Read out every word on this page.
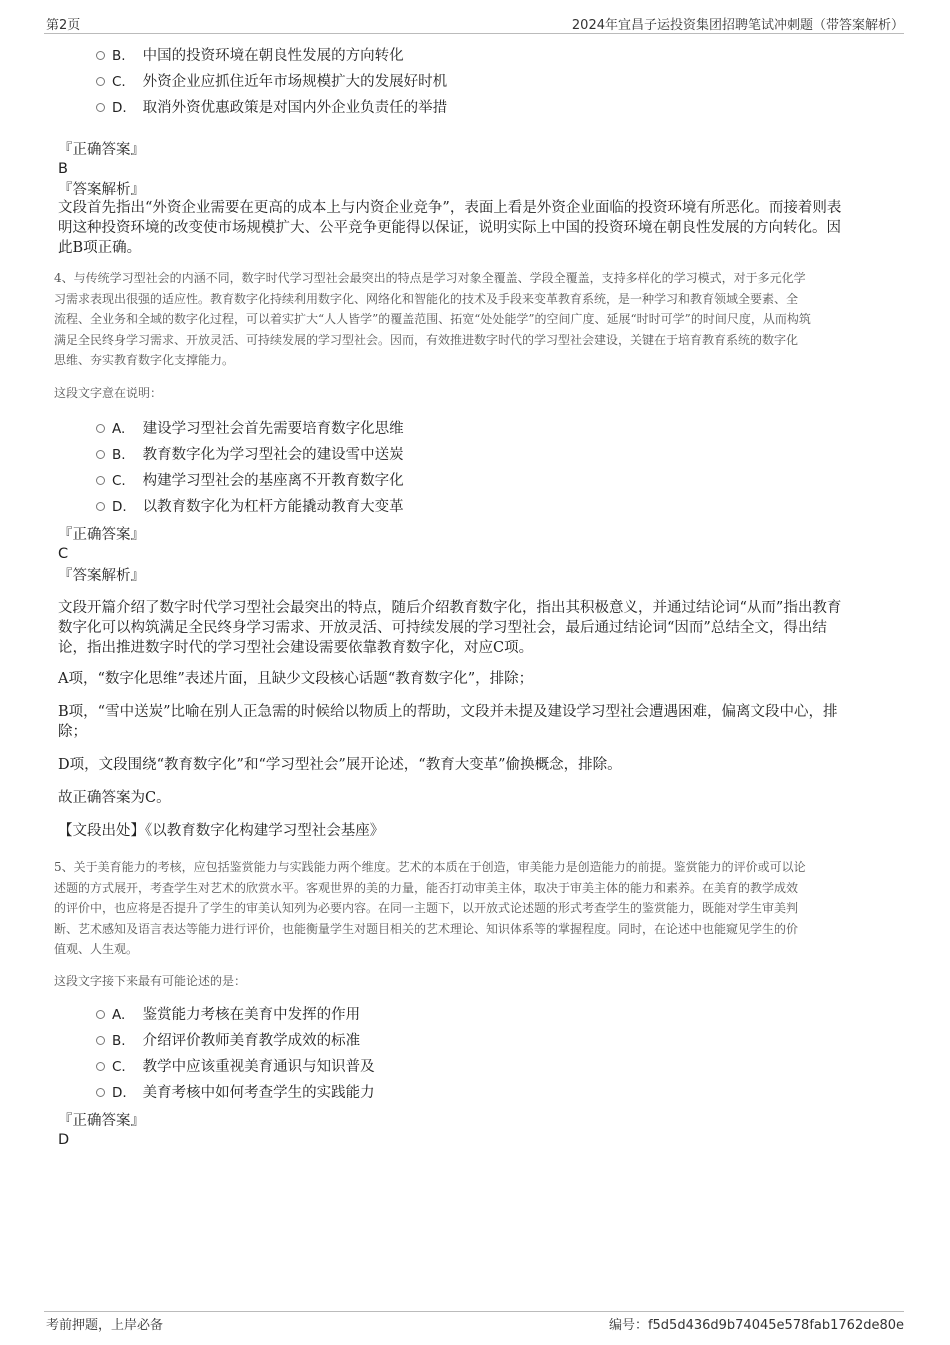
第2页	2024年宜昌子运投资集团招聘笔试冲刺题（带答案解析）
B. 中国的投资环境在朝良性发展的方向转化
C. 外资企业应抓住近年市场规模扩大的发展好时机
D. 取消外资优惠政策是对国内外企业负责任的举措
『正确答案』
B
『答案解析』
文段首先指出“外资企业需要在更高的成本上与内资企业竞争”，表面上看是外资企业面临的投资环境有所恶化。而接着则表
明这种投资环境的改变使市场规模扩大、公平竞争更能得以保证，说明实际上中国的投资环境在朝良性发展的方向转化。因
此B项正确。
4、与传统学习型社会的内涵不同，数字时代学习型社会最突出的特点是学习对象全覆盖、学段全覆盖，支持多样化的学习模式，对于多元化学
习需求表现出很强的适应性。教育数字化持续利用数字化、网络化和智能化的技术及手段来变革教育系统，是一种学习和教育领域全要素、全
流程、全业务和全域的数字化过程，可以着实扩大“人人皆学”的覆盖范围、拓宽“处处能学”的空间广度、延展“时时可学”的时间尺度，从而构筑
满足全民终身学习需求、开放灵活、可持续发展的学习型社会。因而，有效推进数字时代的学习型社会建设，关键在于培育教育系统的数字化
思维、夯实教育数字化支撑能力。
这段文字意在说明：
A. 建设学习型社会首先需要培育数字化思维
B. 教育数字化为学习型社会的建设雪中送炭
C. 构建学习型社会的基座离不开教育数字化
D. 以教育数字化为杠杆方能撬动教育大变革
『正确答案』
C
『答案解析』
文段开篇介绍了数字时代学习型社会最突出的特点，随后介绍教育数字化，指出其积极意义，并通过结论词“从而”指出教育
数字化可以构筑满足全民终身学习需求、开放灵活、可持续发展的学习型社会，最后通过结论词“因而”总结全文，得出结
论，指出推进数字时代的学习型社会建设需要依靠教育数字化，对应C项。
A项，“数字化思维”表述片面，且缺少文段核心话题“教育数字化”，排除；
B项，“雪中送炭”比喻在别人正急需的时候给以物质上的帮助，文段并未提及建设学习型社会遭遇困难，偏离文段中心，排
除；
D项，文段围绕“教育数字化”和“学习型社会”展开论述，“教育大变革”偷换概念，排除。
故正确答案为C。
【文段出处】《以教育数字化构建学习型社会基座》
5、关于美育能力的考核，应包括鉴赏能力与实践能力两个维度。艺术的本质在于创造，审美能力是创造能力的前提。鉴赏能力的评价或可以论
述题的方式展开，考查学生对艺术的欣赏水平。客观世界的美的力量，能否打动审美主体，取决于审美主体的能力和素养。在美育的教学成效
的评价中，也应将是否提升了学生的审美认知列为必要内容。在同一主题下，以开放式论述题的形式考查学生的鉴赏能力，既能对学生审美判
断、艺术感知及语言表达等能力进行评价，也能衡量学生对题目相关的艺术理论、知识体系等的掌握程度。同时，在论述中也能窥见学生的价
值观、人生观。
这段文字接下来最有可能论述的是：
A. 鉴赏能力考核在美育中发挥的作用
B. 介绍评价教师美育教学成效的标准
C. 教学中应该重视美育通识与知识普及
D. 美育考核中如何考查学生的实践能力
『正确答案』
D
考前押题，上岸必备	编号：f5d5d436d9b74045e578fab1762de80e
